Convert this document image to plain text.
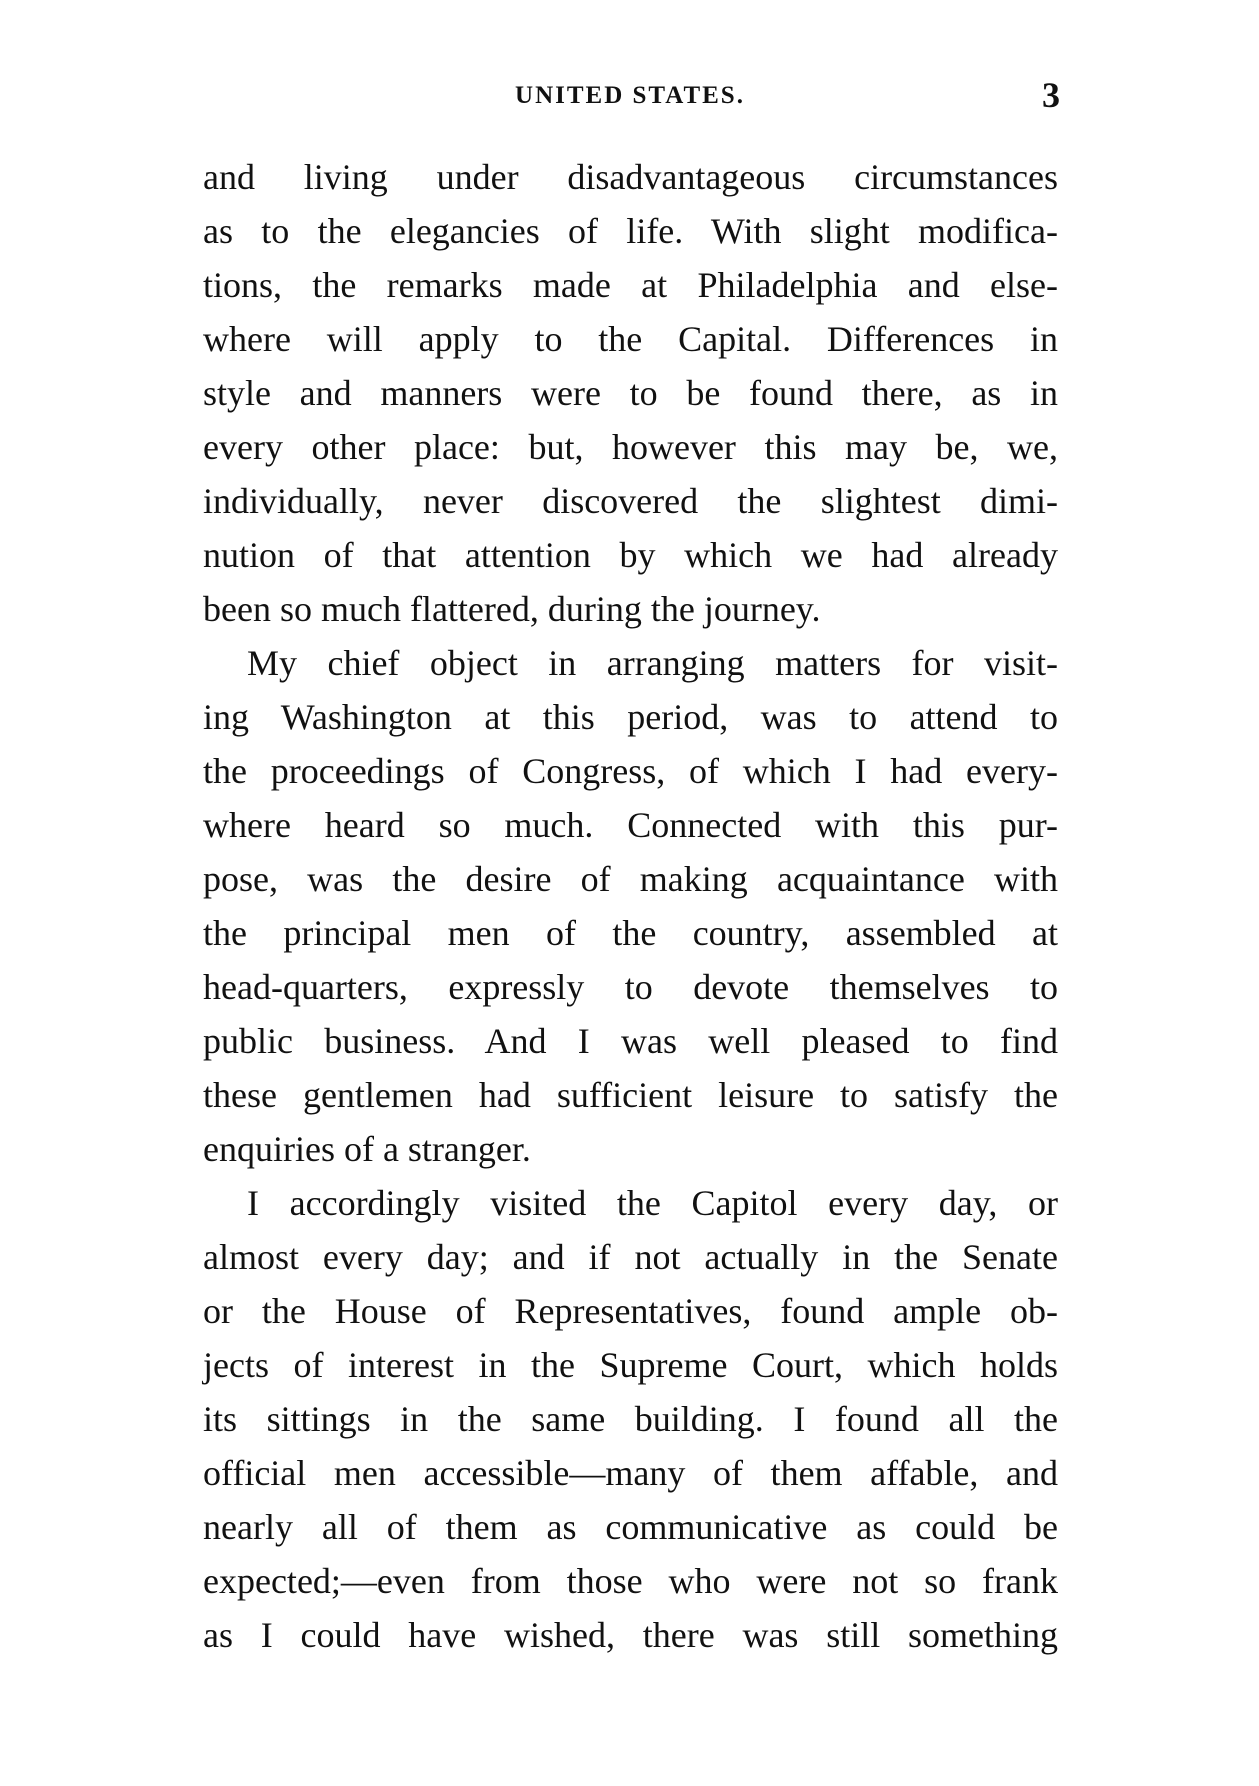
UNITED STATES.	3
and living under disadvantageous circumstances
as to the elegancies of life. With slight modifica-
tions, the remarks made at Philadelphia and else-
where will apply to the Capital. Differences in
style and manners were to be found there, as in
every other place: but, however this may be, we,
individually, never discovered the slightest dimi-
nution of that attention by which we had already
been so much flattered, during the journey.
My chief object in arranging matters for visit-
ing Washington at this period, was to attend to
the proceedings of Congress, of which I had every-
where heard so much. Connected with this pur-
pose, was the desire of making acquaintance with
the principal men of the country, assembled at
head-quarters, expressly to devote themselves to
public business. And I was well pleased to find
these gentlemen had sufficient leisure to satisfy the
enquiries of a stranger.
I accordingly visited the Capitol every day, or
almost every day; and if not actually in the Senate
or the House of Representatives, found ample ob-
jects of interest in the Supreme Court, which holds
its sittings in the same building. I found all the
official men accessible—many of them affable, and
nearly all of them as communicative as could be
expected;—even from those who were not so frank
as I could have wished, there was still something
